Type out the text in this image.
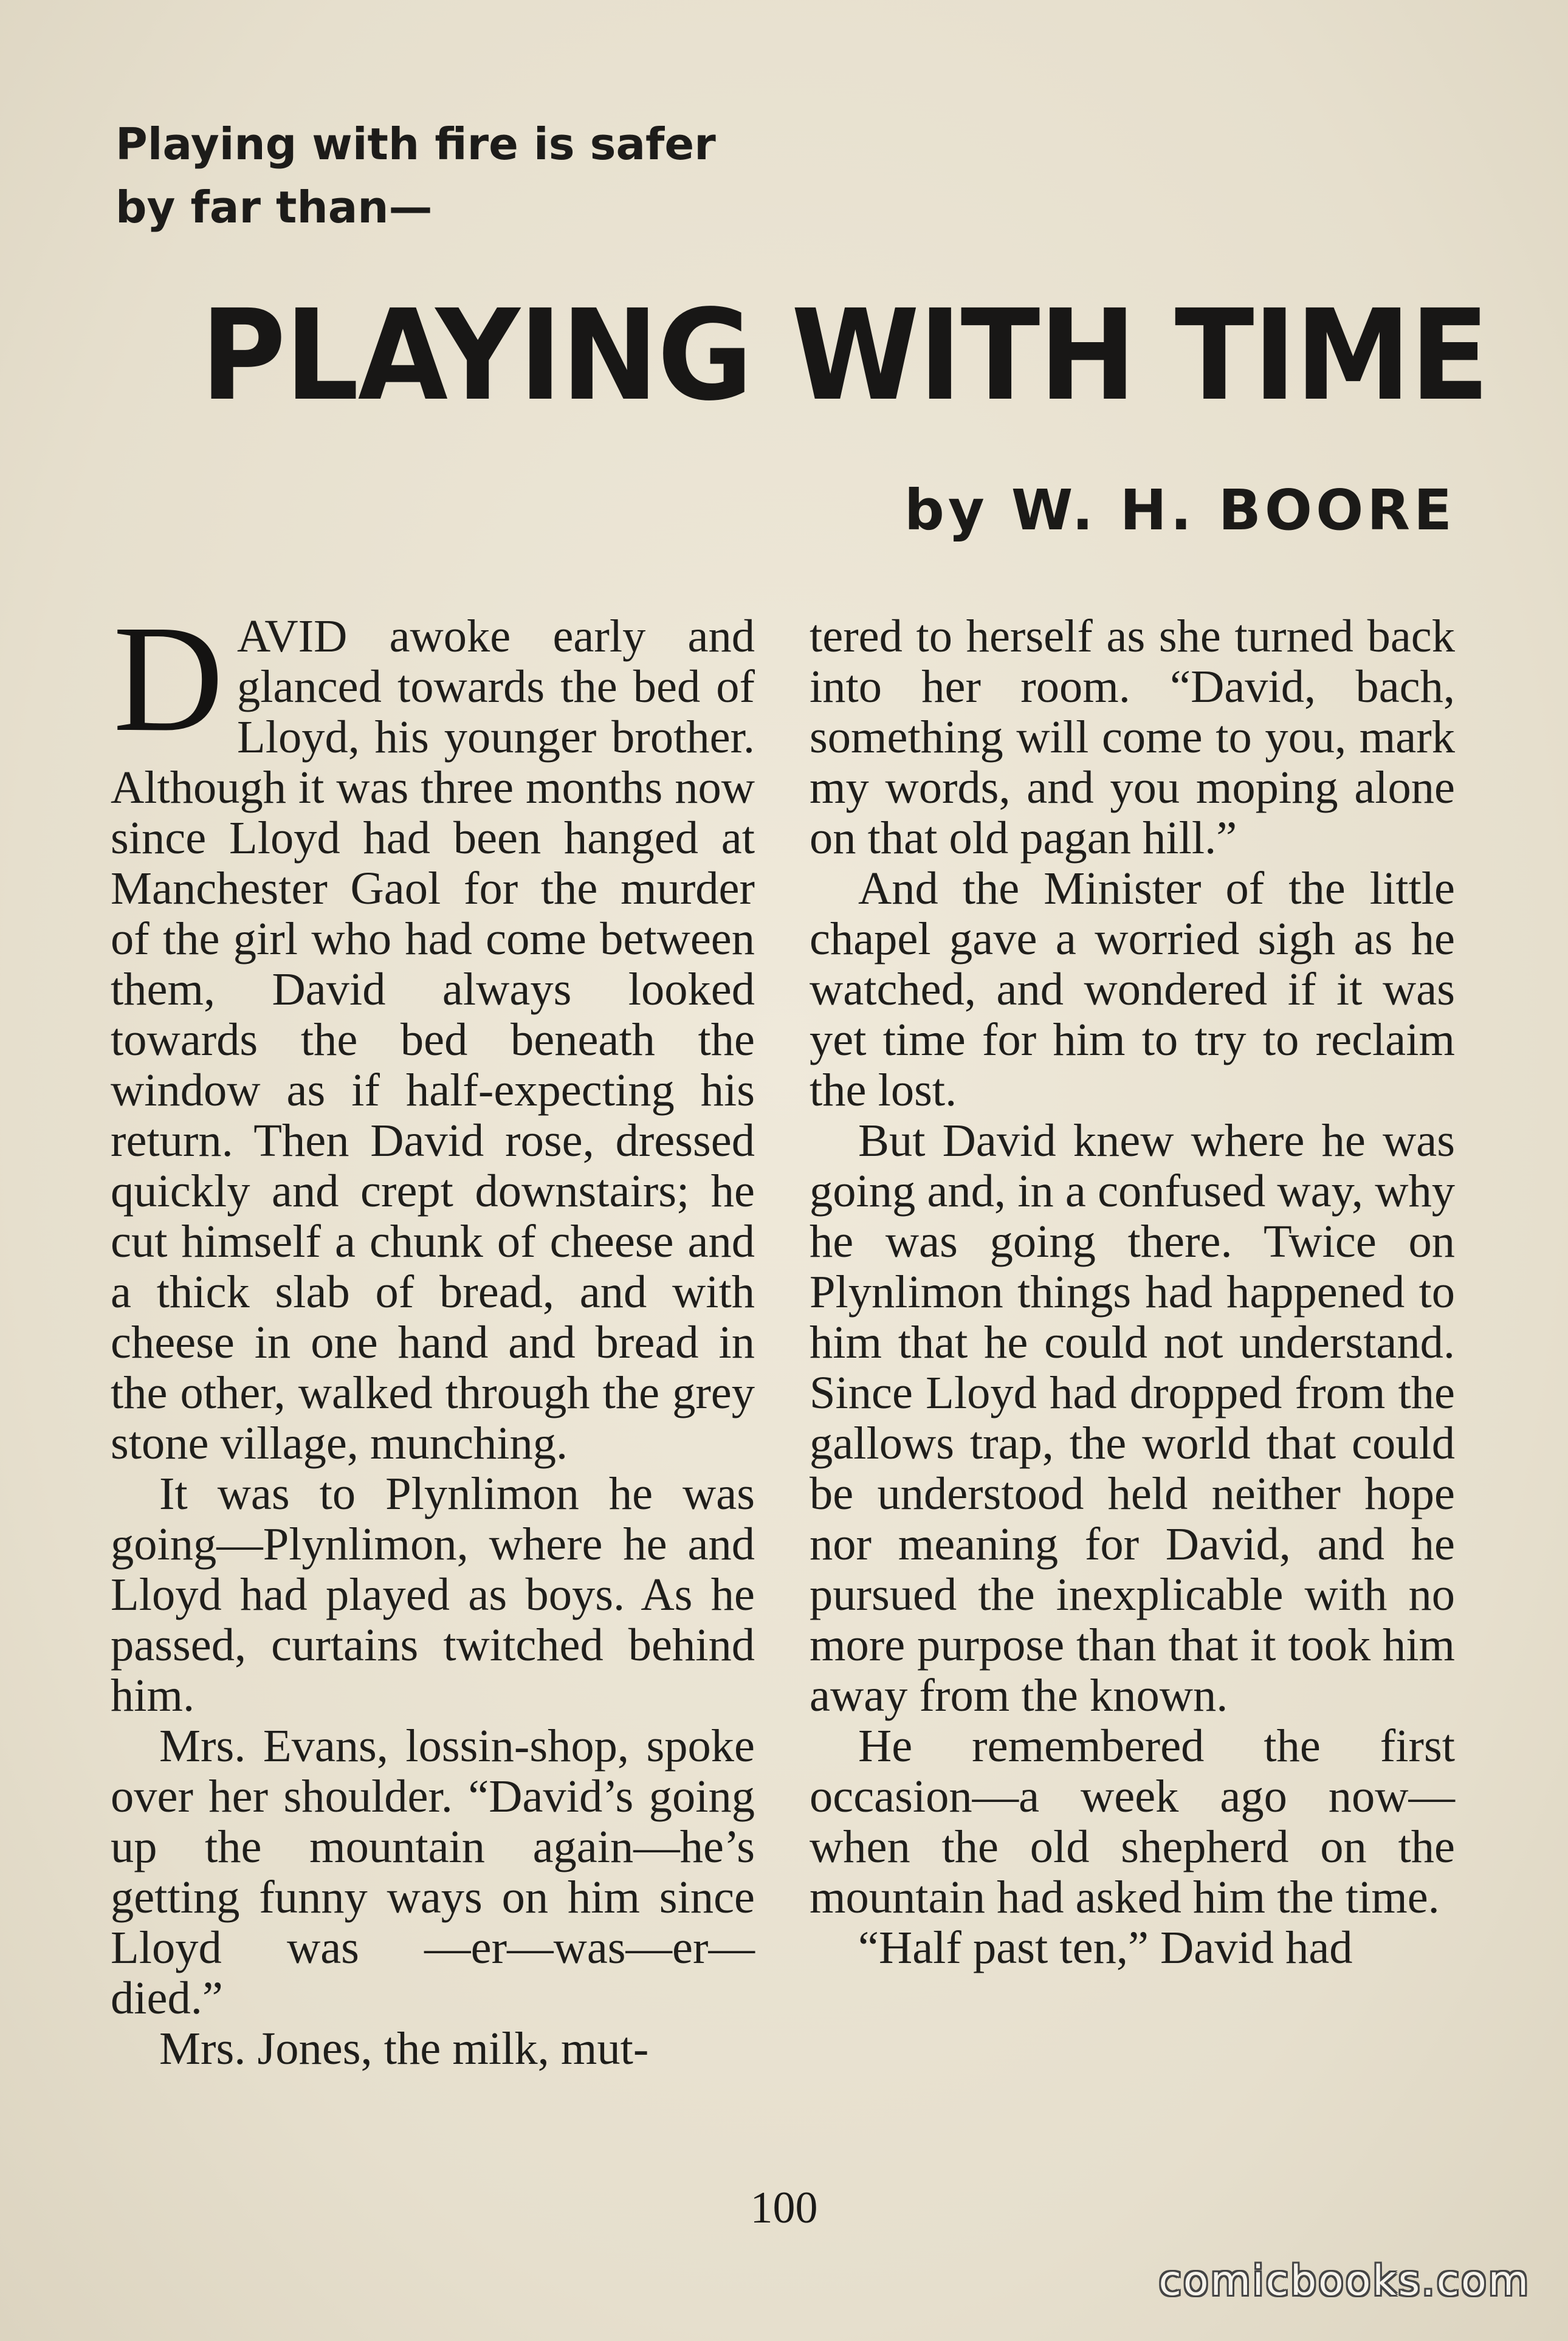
Playing with fire is safer
by far than—
PLAYING WITH TIME
by W. H. BOORE

DAVID awoke early and glanced towards the bed of Lloyd, his younger brother. Although it was three months now since Lloyd had been hanged at Manchester Gaol for the murder of the girl who had come between them, David always looked towards the bed beneath the window as if half-expecting his return. Then David rose, dressed quickly and crept downstairs; he cut himself a chunk of cheese and a thick slab of bread, and with cheese in one hand and bread in the other, walked through the grey stone village, munching.

It was to Plynlimon he was going—Plynlimon, where he and Lloyd had played as boys. As he passed, curtains twitched behind him.

Mrs. Evans, lossin-shop, spoke over her shoulder. “David’s going up the mountain again—he’s getting funny ways on him since Lloyd was —er—was—er—died.”

Mrs. Jones, the milk, mut-

tered to herself as she turned back into her room. “David, bach, something will come to you, mark my words, and you moping alone on that old pagan hill.”

And the Minister of the little chapel gave a worried sigh as he watched, and wondered if it was yet time for him to try to reclaim the lost.

But David knew where he was going and, in a confused way, why he was going there. Twice on Plynlimon things had happened to him that he could not understand. Since Lloyd had dropped from the gallows trap, the world that could be understood held neither hope nor meaning for David, and he pursued the inexplicable with no more purpose than that it took him away from the known.

He remembered the first occasion—a week ago now—when the old shepherd on the mountain had asked him the time.

“Half past ten,” David had

100
comicbooks.com
